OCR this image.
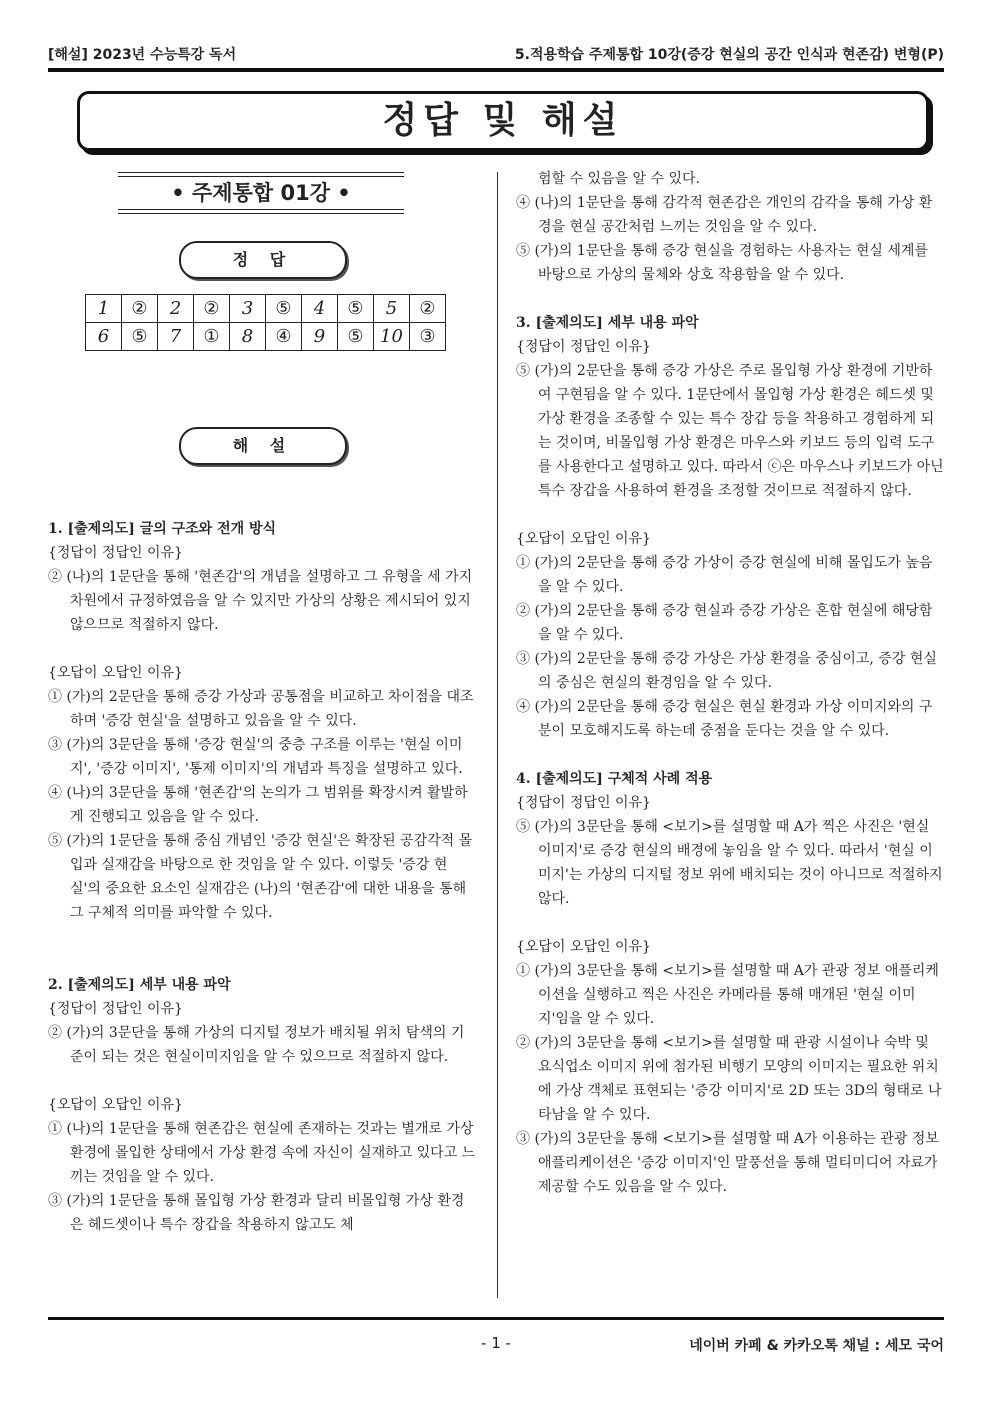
[해설] 2023년 수능특강 독서	5.적용학습 주제통합 10강(증강 현실의 공간 인식과 현존감) 변형(P)
정답 및 해설
• 주제통합 01강 •
정 답
1	②	2	②	3	⑤	4	⑤	5	②
6	⑤	7	①	8	④	9	⑤	10	③
해 설

1. [출제의도] 글의 구조와 전개 방식

{정답이 정답인 이유}

② (나)의 1문단을 통해 '현존감'의 개념을 설명하고 그 유형을 세 가지 차원에서 규정하였음을 알 수 있지만 가상의 상황은 제시되어 있지 않으므로 적절하지 않다.

{오답이 오답인 이유}

① (가)의 2문단을 통해 증강 가상과 공통점을 비교하고 차이점을 대조하며 '증강 현실'을 설명하고 있음을 알 수 있다.

③ (가)의 3문단을 통해 '증강 현실'의 중층 구조를 이루는 '현실 이미지', '증강 이미지', '통제 이미지'의 개념과 특징을 설명하고 있다.

④ (나)의 3문단을 통해 '현존감'의 논의가 그 범위를 확장시켜 활발하게 진행되고 있음을 알 수 있다.

⑤ (가)의 1문단을 통해 중심 개념인 '증강 현실'은 확장된 공감각적 몰입과 실재감을 바탕으로 한 것임을 알 수 있다. 이렇듯 '증강 현실'의 중요한 요소인 실재감은 (나)의 '현존감'에 대한 내용을 통해 그 구체적 의미를 파악할 수 있다.

2. [출제의도] 세부 내용 파악

{정답이 정답인 이유}

② (가)의 3문단을 통해 가상의 디지털 정보가 배치될 위치 탐색의 기준이 되는 것은 현실이미지임을 알 수 있으므로 적절하지 않다.

{오답이 오답인 이유}

① (나)의 1문단을 통해 현존감은 현실에 존재하는 것과는 별개로 가상 환경에 몰입한 상태에서 가상 환경 속에 자신이 실재하고 있다고 느끼는 것임을 알 수 있다.

③ (가)의 1문단을 통해 몰입형 가상 환경과 달리 비몰입형 가상 환경은 헤드셋이나 특수 장갑을 착용하지 않고도 체

험할 수 있음을 알 수 있다.

④ (나)의 1문단을 통해 감각적 현존감은 개인의 감각을 통해 가상 환경을 현실 공간처럼 느끼는 것임을 알 수 있다.

⑤ (가)의 1문단을 통해 증강 현실을 경험하는 사용자는 현실 세계를 바탕으로 가상의 물체와 상호 작용함을 알 수 있다.

3. [출제의도] 세부 내용 파악

{정답이 정답인 이유}

⑤ (가)의 2문단을 통해 증강 가상은 주로 몰입형 가상 환경에 기반하여 구현됨을 알 수 있다. 1문단에서 몰입형 가상 환경은 헤드셋 및 가상 환경을 조종할 수 있는 특수 장갑 등을 착용하고 경험하게 되는 것이며, 비몰입형 가상 환경은 마우스와 키보드 등의 입력 도구를 사용한다고 설명하고 있다. 따라서 ⓒ은 마우스나 키보드가 아닌 특수 장갑을 사용하여 환경을 조정할 것이므로 적절하지 않다.

{오답이 오답인 이유}

① (가)의 2문단을 통해 증강 가상이 증강 현실에 비해 몰입도가 높음을 알 수 있다.

② (가)의 2문단을 통해 증강 현실과 증강 가상은 혼합 현실에 해당함을 알 수 있다.

③ (가)의 2문단을 통해 증강 가상은 가상 환경을 중심이고, 증강 현실의 중심은 현실의 환경임을 알 수 있다.

④ (가)의 2문단을 통해 증강 현실은 현실 환경과 가상 이미지와의 구분이 모호해지도록 하는데 중점을 둔다는 것을 알 수 있다.

4. [출제의도] 구체적 사례 적용

{정답이 정답인 이유}

⑤ (가)의 3문단을 통해 <보기>를 설명할 때 A가 찍은 사진은 '현실 이미지'로 증강 현실의 배경에 놓임을 알 수 있다. 따라서 '현실 이미지'는 가상의 디지털 정보 위에 배치되는 것이 아니므로 적절하지 않다.

{오답이 오답인 이유}

① (가)의 3문단을 통해 <보기>를 설명할 때 A가 관광 정보 애플리케이션을 실행하고 찍은 사진은 카메라를 통해 매개된 '현실 이미지'임을 알 수 있다.

② (가)의 3문단을 통해 <보기>를 설명할 때 관광 시설이나 숙박 및 요식업소 이미지 위에 첨가된 비행기 모양의 이미지는 필요한 위치에 가상 객체로 표현되는 '증강 이미지'로 2D 또는 3D의 형태로 나타남을 알 수 있다.

③ (가)의 3문단을 통해 <보기>를 설명할 때 A가 이용하는 관광 정보 애플리케이션은 '증강 이미지'인 말풍선을 통해 멀티미디어 자료가 제공할 수도 있음을 알 수 있다.

- 1 -	네이버 카페 & 카카오톡 채널 : 세모 국어
